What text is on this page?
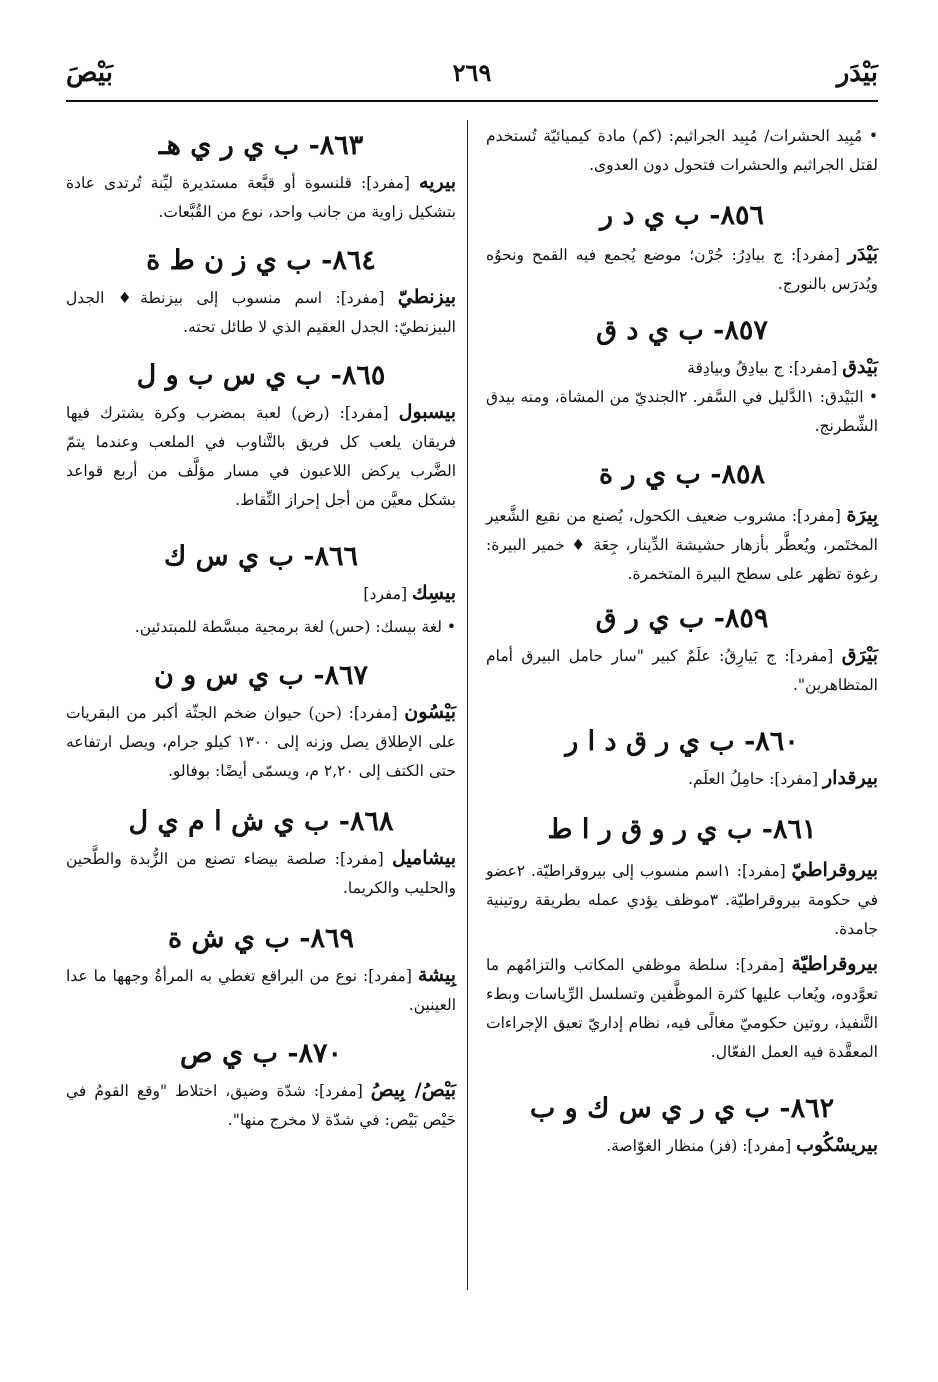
بَيْدَر
٢٦٩
بَيْصَ

• مُبِيد الحشرات/ مُبِيد الجراثيم: (كم) مادة كيميائيّة تُستخدم لقتل الجراثيم والحشرات فتحول دون العدوى.

٨٥٦- ب ي د ر

بَيْدَر [مفرد]: ج بيادِرُ: جُرْن؛ موضع يُجمع فيه القمح ونحوُه ويُدرَس بالنورج.

٨٥٧- ب ي د ق

بَيْدق [مفرد]: ج بيادِقُ وبيادِقة

• البَيْدق: ١الدَّليل في السَّفر. ٢الجنديّ من المشاة، ومنه بيدق الشِّطرنج.

٨٥٨- ب ي ر ة

بِيرَة [مفرد]: مشروب ضعيف الكحول، يُصنع من نقيع الشَّعير المختَمر، ويُعطَّر بأزهار حشيشة الدِّينار، جِعَة ♦ خمير البيرة: رغوة تظهر على سطح البيرة المتخمرة.

٨٥٩- ب ي ر ق

بَيْرَق [مفرد]: ج بَيارِقُ: علَمٌ كبير "سار حامل البيرق أمام المتظاهرين".

٨٦٠- ب ي ر ق د ا ر

بيرقدار [مفرد]: حامِلُ العلَم.

٨٦١- ب ي ر و ق ر ا ط

بيروقراطيّ [مفرد]: ١اسم منسوب إلى بيروقراطيّة. ٢عضو في حكومة بيروقراطيّة. ٣موظف يؤدي عمله بطريقة روتينية جامدة.

بيروقراطيّة [مفرد]: سلطة موظفي المكاتب والتزامُهم ما تعوَّدوه، ويُعاب عليها كثرة الموظَّفين وتسلسل الرِّياسات وبطء التَّنفيذ، روتين حكوميّ مغالًى فيه، نظام إداريّ تعيق الإجراءات المعقَّدة فيه العمل الفعّال.

٨٦٢- ب ي ر ي س ك و ب

بيريسْكُوب [مفرد]: (فز) منظار الغوّاصة.

٨٦٣- ب ي ر ي هـ

بيريه [مفرد]: قلنسوة أو قبَّعة مستديرة ليِّنة تُرتدى عادة بتشكيل زاوية من جانب واحد، نوع من القُبَّعات.

٨٦٤- ب ي ز ن ط ة

بيزنطيّ [مفرد]: اسم منسوب إلى بيزنطة♦ الجدل البيزنطيّ: الجدل العقيم الذي لا طائل تحته.

٨٦٥- ب ي س ب و ل

بيسبول [مفرد]: (رض) لعبة بمضرب وكرة يشترك فيها فريقان يلعب كل فريق بالتَّناوب في الملعب وعندما يتمّ الضَّرب يركض اللاعبون في مسار مؤلَّف من أربع قواعد بشكل معيَّن من أجل إحراز النِّقاط.

٨٦٦- ب ي س ك

بيسِك [مفرد]

• لغة بيسك: (حس) لغة برمجية مبسَّطة للمبتدئين.

٨٦٧- ب ي س و ن

بَيْسُون [مفرد]: (حن) حيوان ضخم الجثّة أكبر من البقريات على الإطلاق يصل وزنه إلى ١٣٠٠ كيلو جرام، ويصل ارتفاعه حتى الكتف إلى ٢,٢٠ م، ويسمّى أيضًا: بوفالو.

٨٦٨- ب ي ش ا م ي ل

بيشاميل [مفرد]: صلصة بيضاء تصنع من الزُّبدة والطَّحين والحليب والكريما.

٨٦٩- ب ي ش ة

بِيشة [مفرد]: نوع من البراقع تغطي به المرأةُ وجهها ما عدا العينين.

٨٧٠- ب ي ص

بَيْصُ/ بِيصُ [مفرد]: شدّة وضيق، اختلاط "وقع القومُ في حَيْص بَيْص: في شدّة لا مخرج منها".
